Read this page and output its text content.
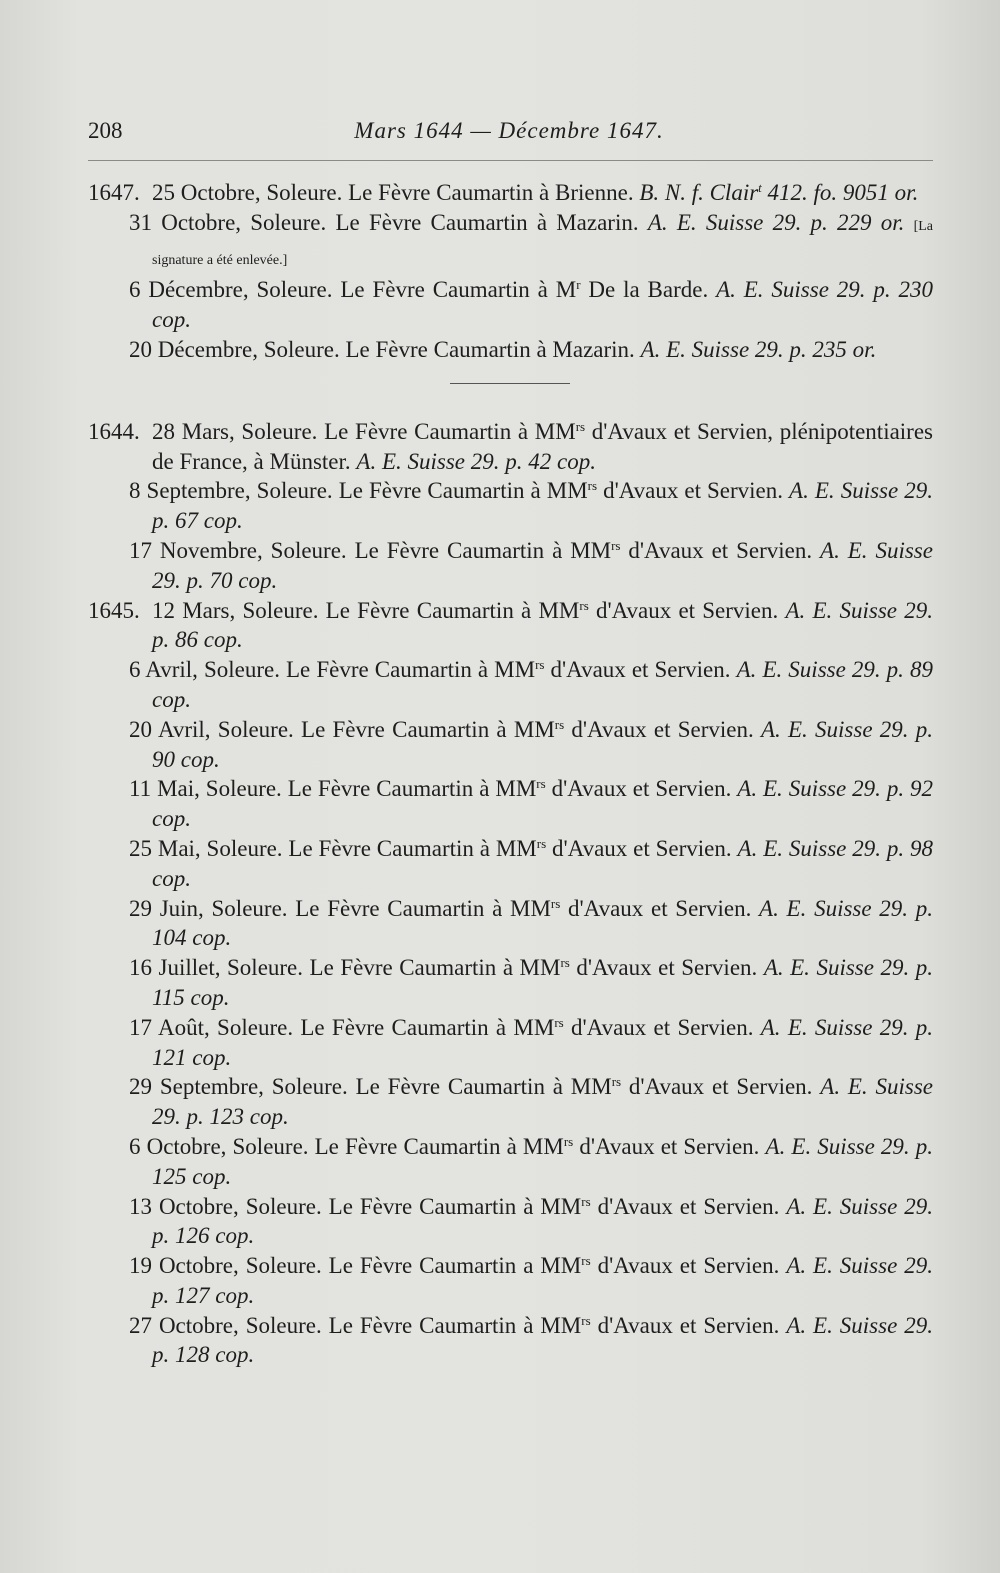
208	Mars 1644 — Décembre 1647.
1647. 25 Octobre, Soleure. Le Fèvre Caumartin à Brienne. B. N. f. Clair$^t$ 412. fo. 9051 or.
31 Octobre, Soleure. Le Fèvre Caumartin à Mazarin. A. E. Suisse 29. p. 229 or. [La signature a été enlevée.]
6 Décembre, Soleure. Le Fèvre Caumartin à $M^r$ De la Barde. A. E. Suisse 29. p. 230 cop.
20 Décembre, Soleure. Le Fèvre Caumartin à Mazarin. A. E. Suisse 29. p. 235 or.
1644. 28 Mars, Soleure. Le Fèvre Caumartin à $MM^{rs}$ d'Avaux et Servien, plénipotentiaires de France, à Münster. A. E. Suisse 29. p. 42 cop.
8 Septembre, Soleure. Le Fèvre Caumartin à $MM^{rs}$ d'Avaux et Servien. A. E. Suisse 29. p. 67 cop.
17 Novembre, Soleure. Le Fèvre Caumartin à $MM^{rs}$ d'Avaux et Servien. A. E. Suisse 29. p. 70 cop.
1645. 12 Mars, Soleure. Le Fèvre Caumartin à $MM^{rs}$ d'Avaux et Servien. A. E. Suisse 29. p. 86 cop.
6 Avril, Soleure. Le Fèvre Caumartin à $MM^{rs}$ d'Avaux et Servien. A. E. Suisse 29. p. 89 cop.
20 Avril, Soleure. Le Fèvre Caumartin à $MM^{rs}$ d'Avaux et Servien. A. E. Suisse 29. p. 90 cop.
11 Mai, Soleure. Le Fèvre Caumartin à $MM^{rs}$ d'Avaux et Servien. A. E. Suisse 29. p. 92 cop.
25 Mai, Soleure. Le Fèvre Caumartin à $MM^{rs}$ d'Avaux et Servien. A. E. Suisse 29. p. 98 cop.
29 Juin, Soleure. Le Fèvre Caumartin à $MM^{rs}$ d'Avaux et Servien. A. E. Suisse 29. p. 104 cop.
16 Juillet, Soleure. Le Fèvre Caumartin à $MM^{rs}$ d'Avaux et Servien. A. E. Suisse 29. p. 115 cop.
17 Août, Soleure. Le Fèvre Caumartin à $MM^{rs}$ d'Avaux et Servien. A. E. Suisse 29. p. 121 cop.
29 Septembre, Soleure. Le Fèvre Caumartin à $MM^{rs}$ d'Avaux et Servien. A. E. Suisse 29. p. 123 cop.
6 Octobre, Soleure. Le Fèvre Caumartin à $MM^{rs}$ d'Avaux et Servien. A. E. Suisse 29. p. 125 cop.
13 Octobre, Soleure. Le Fèvre Caumartin à $MM^{rs}$ d'Avaux et Servien. A. E. Suisse 29. p. 126 cop.
19 Octobre, Soleure. Le Fèvre Caumartin a $MM^{rs}$ d'Avaux et Servien. A. E. Suisse 29. p. 127 cop.
27 Octobre, Soleure. Le Fèvre Caumartin à $MM^{rs}$ d'Avaux et Servien. A. E. Suisse 29. p. 128 cop.
